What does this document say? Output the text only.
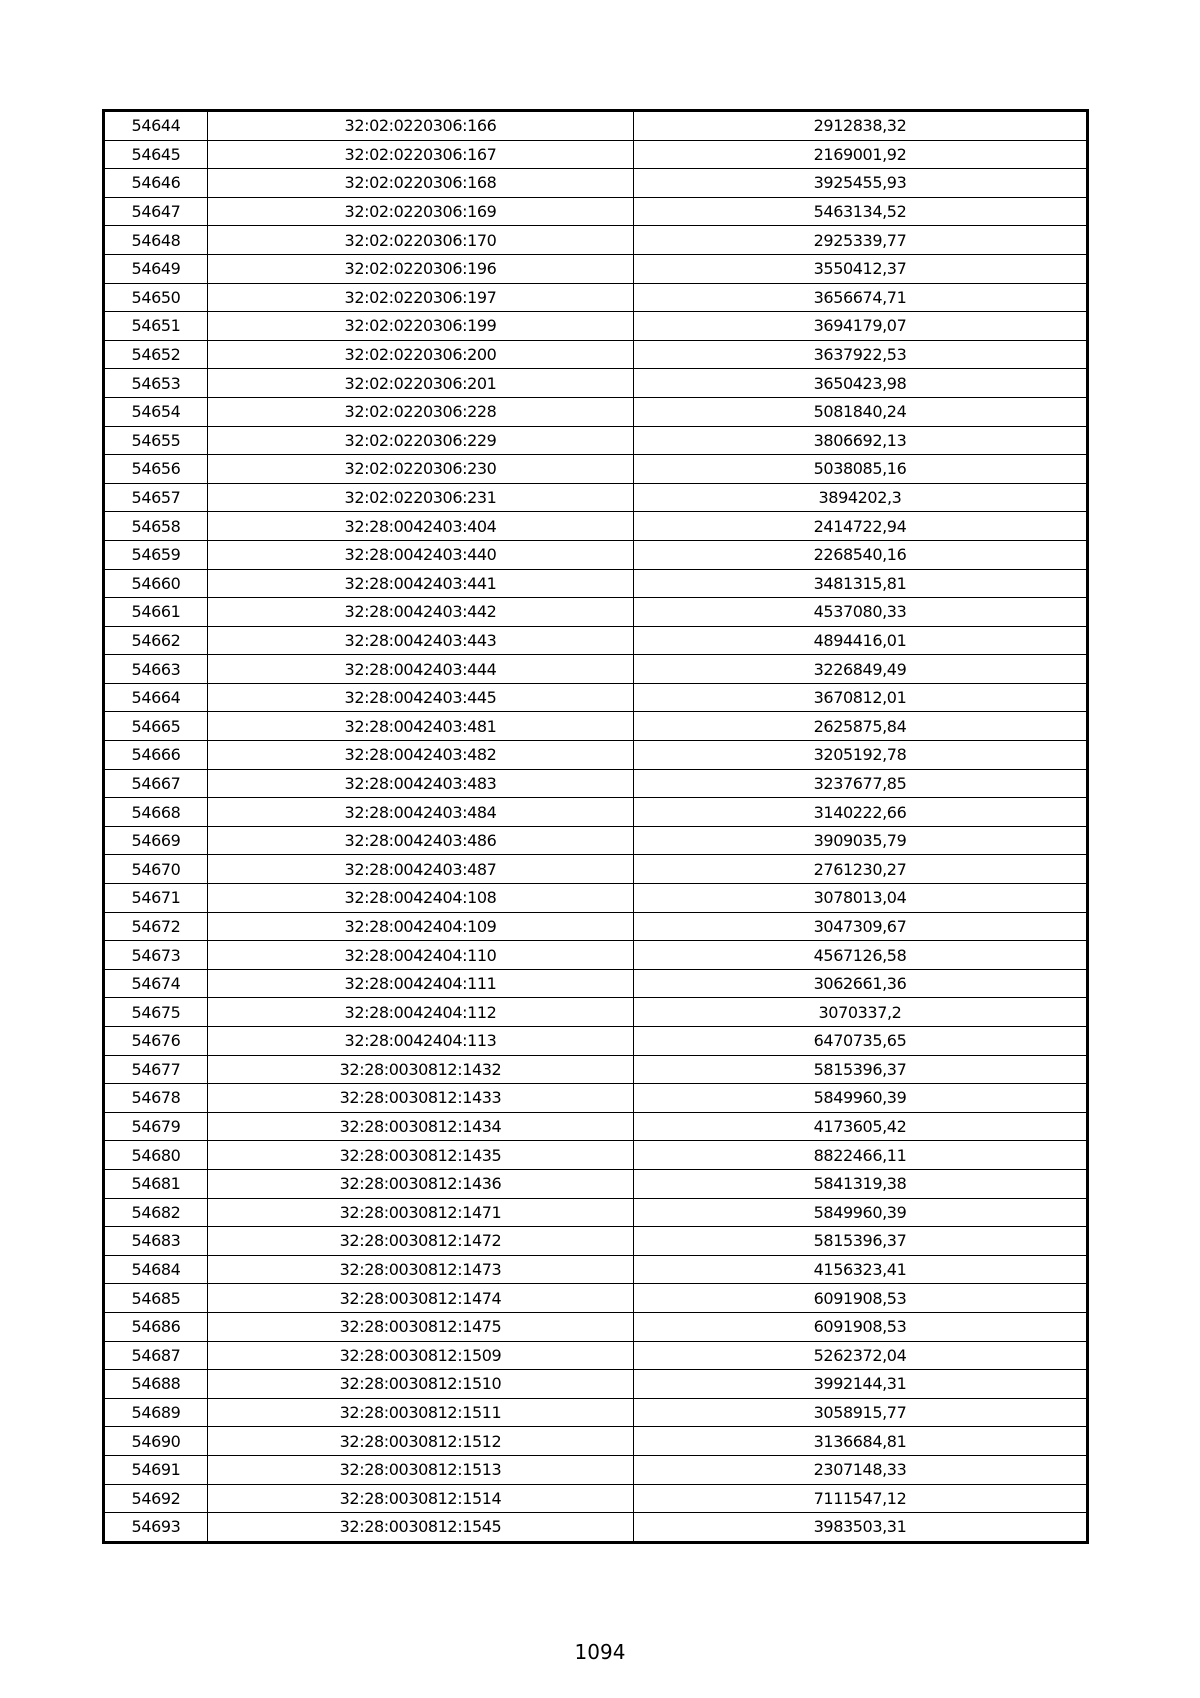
54644	32:02:0220306:166	2912838,32
54645	32:02:0220306:167	2169001,92
54646	32:02:0220306:168	3925455,93
54647	32:02:0220306:169	5463134,52
54648	32:02:0220306:170	2925339,77
54649	32:02:0220306:196	3550412,37
54650	32:02:0220306:197	3656674,71
54651	32:02:0220306:199	3694179,07
54652	32:02:0220306:200	3637922,53
54653	32:02:0220306:201	3650423,98
54654	32:02:0220306:228	5081840,24
54655	32:02:0220306:229	3806692,13
54656	32:02:0220306:230	5038085,16
54657	32:02:0220306:231	3894202,3
54658	32:28:0042403:404	2414722,94
54659	32:28:0042403:440	2268540,16
54660	32:28:0042403:441	3481315,81
54661	32:28:0042403:442	4537080,33
54662	32:28:0042403:443	4894416,01
54663	32:28:0042403:444	3226849,49
54664	32:28:0042403:445	3670812,01
54665	32:28:0042403:481	2625875,84
54666	32:28:0042403:482	3205192,78
54667	32:28:0042403:483	3237677,85
54668	32:28:0042403:484	3140222,66
54669	32:28:0042403:486	3909035,79
54670	32:28:0042403:487	2761230,27
54671	32:28:0042404:108	3078013,04
54672	32:28:0042404:109	3047309,67
54673	32:28:0042404:110	4567126,58
54674	32:28:0042404:111	3062661,36
54675	32:28:0042404:112	3070337,2
54676	32:28:0042404:113	6470735,65
54677	32:28:0030812:1432	5815396,37
54678	32:28:0030812:1433	5849960,39
54679	32:28:0030812:1434	4173605,42
54680	32:28:0030812:1435	8822466,11
54681	32:28:0030812:1436	5841319,38
54682	32:28:0030812:1471	5849960,39
54683	32:28:0030812:1472	5815396,37
54684	32:28:0030812:1473	4156323,41
54685	32:28:0030812:1474	6091908,53
54686	32:28:0030812:1475	6091908,53
54687	32:28:0030812:1509	5262372,04
54688	32:28:0030812:1510	3992144,31
54689	32:28:0030812:1511	3058915,77
54690	32:28:0030812:1512	3136684,81
54691	32:28:0030812:1513	2307148,33
54692	32:28:0030812:1514	7111547,12
54693	32:28:0030812:1545	3983503,31
1094
